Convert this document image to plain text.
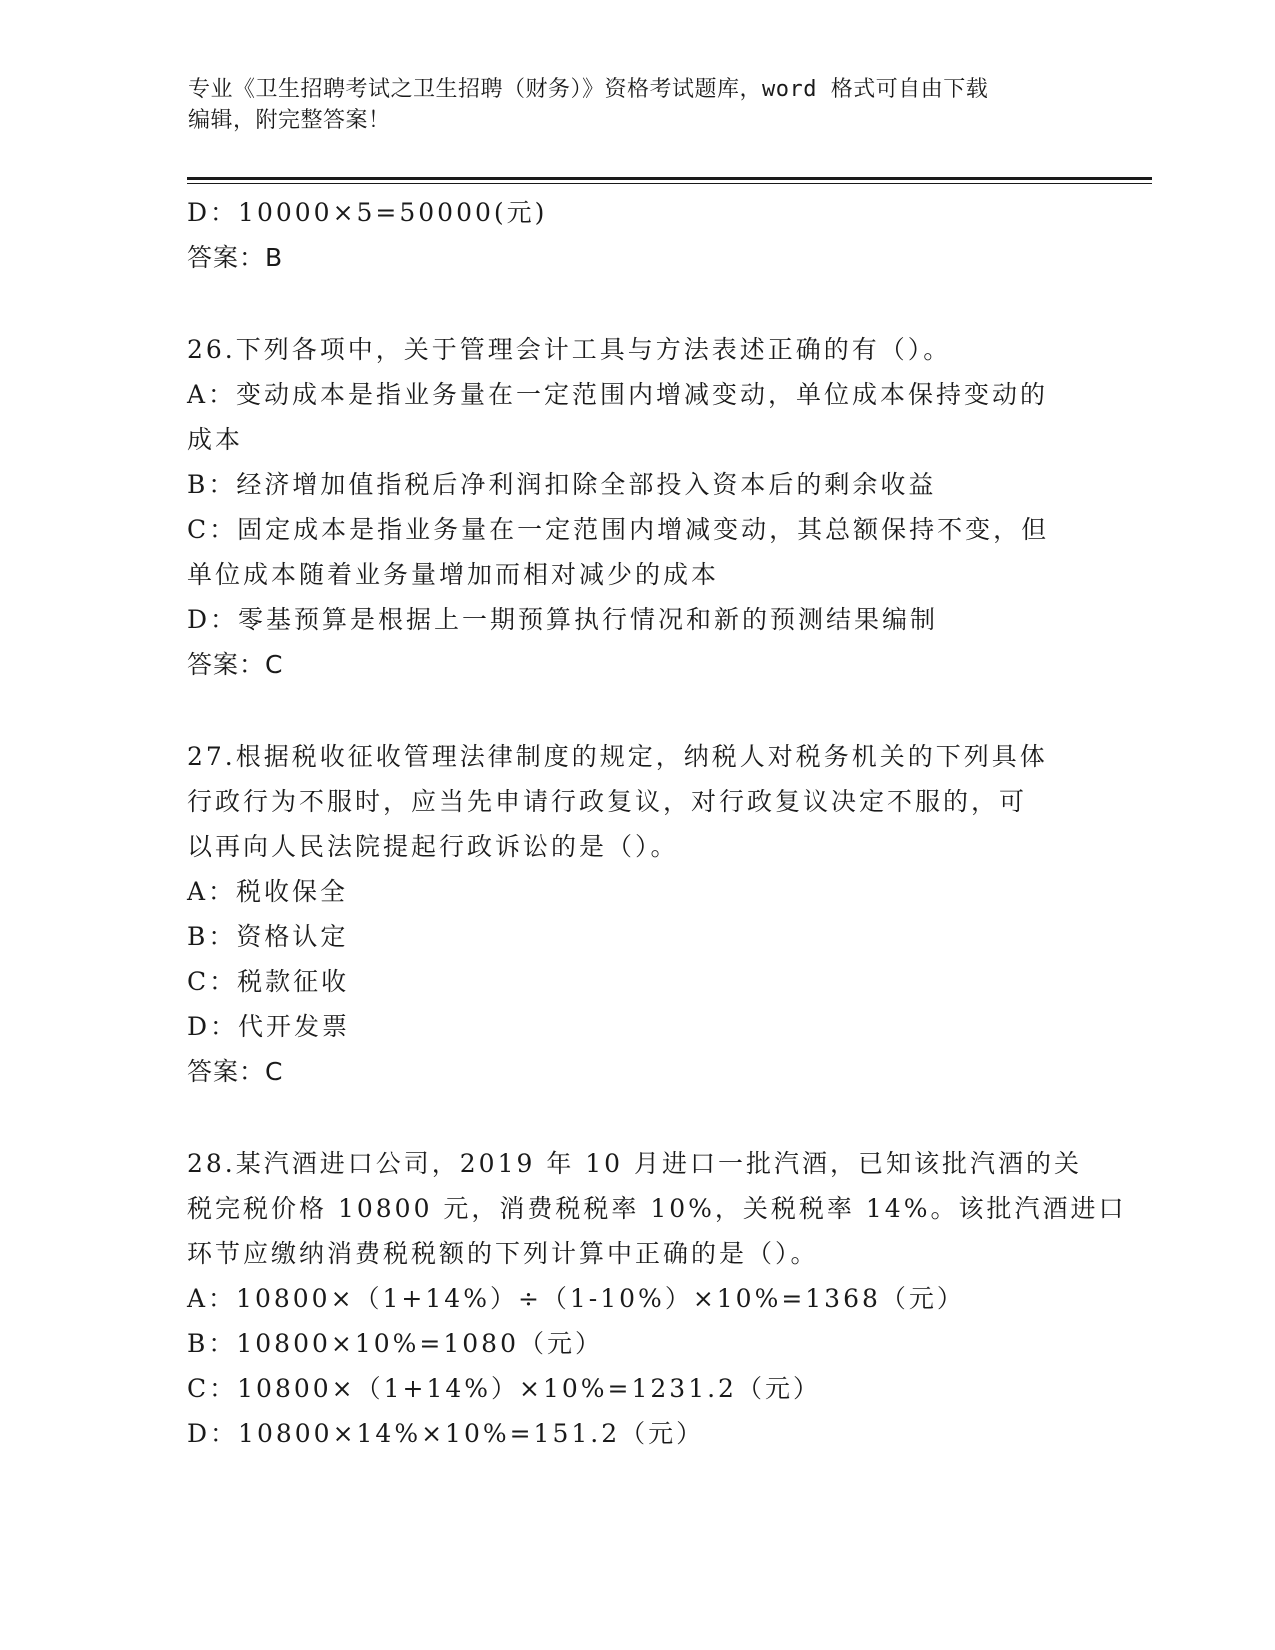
专业《卫生招聘考试之卫生招聘（财务）》资格考试题库，word 格式可自由下载
编辑，附完整答案！
D：10000×5=50000(元)
答案：B
26.下列各项中，关于管理会计工具与方法表述正确的有（）。
A：变动成本是指业务量在一定范围内增减变动，单位成本保持变动的
成本
B：经济增加值指税后净利润扣除全部投入资本后的剩余收益
C：固定成本是指业务量在一定范围内增减变动，其总额保持不变，但
单位成本随着业务量增加而相对减少的成本
D：零基预算是根据上一期预算执行情况和新的预测结果编制
答案：C
27.根据税收征收管理法律制度的规定，纳税人对税务机关的下列具体
行政行为不服时，应当先申请行政复议，对行政复议决定不服的，可
以再向人民法院提起行政诉讼的是（）。
A：税收保全
B：资格认定
C：税款征收
D：代开发票
答案：C
28.某汽酒进口公司，2019 年 10 月进口一批汽酒，已知该批汽酒的关
税完税价格 10800 元，消费税税率 10%，关税税率 14%。该批汽酒进口
环节应缴纳消费税税额的下列计算中正确的是（）。
A：10800×（1+14%）÷（1-10%）×10%=1368（元）
B：10800×10%=1080（元）
C：10800×（1+14%）×10%=1231.2（元）
D：10800×14%×10%=151.2（元）
